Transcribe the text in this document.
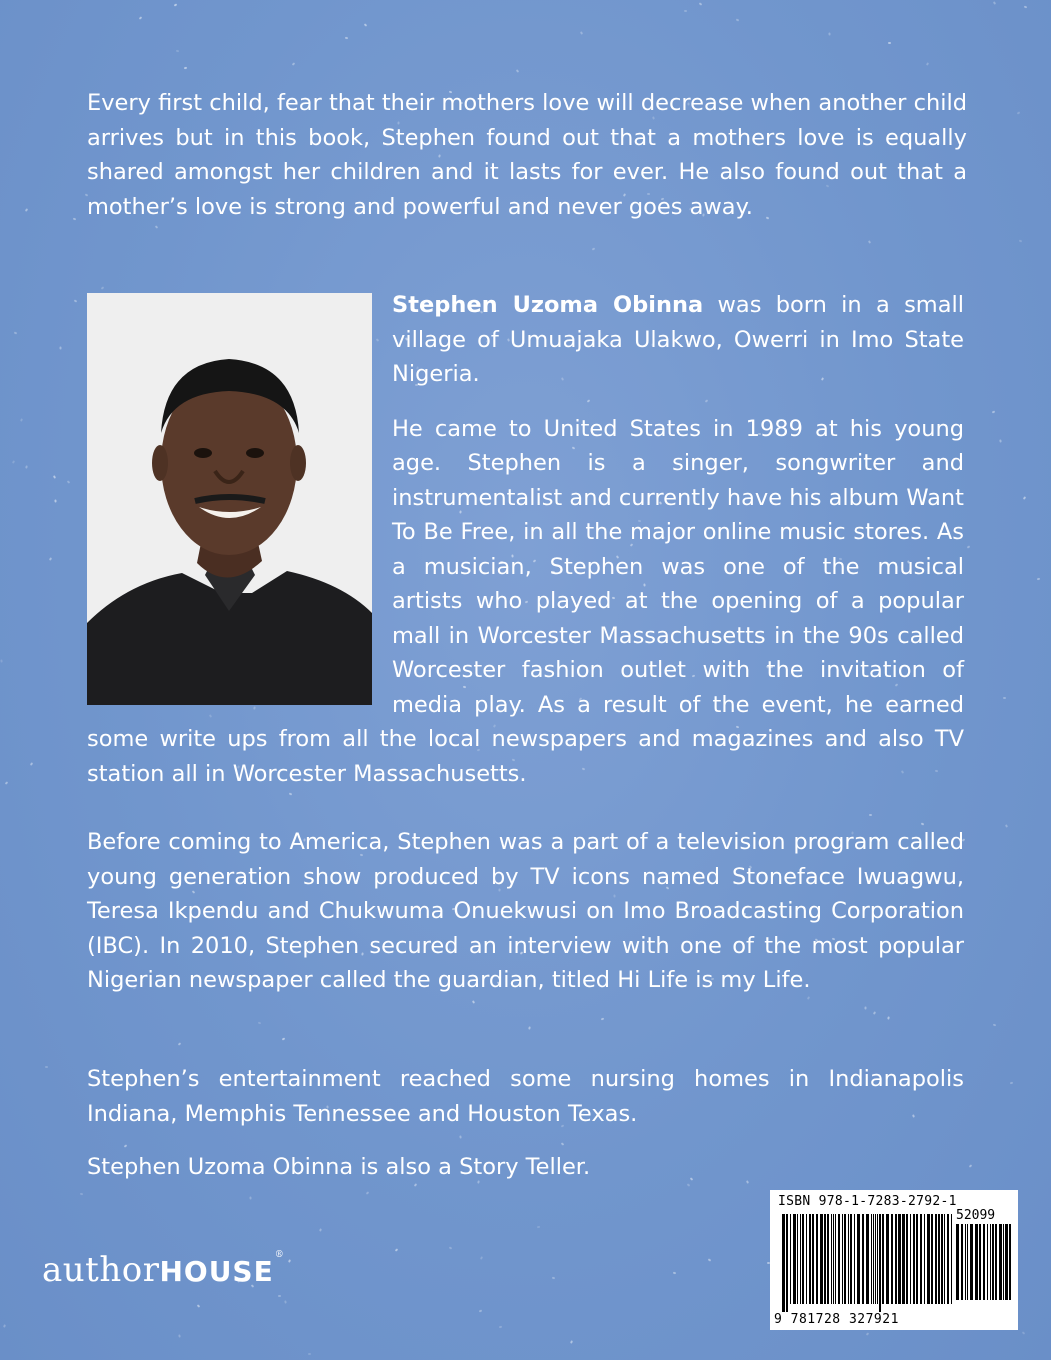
Every first child, fear that their mothers love will decrease when another child arrives but in this book, Stephen found out that a mothers love is equally shared amongst her children and it lasts for ever. He also found out that a mother’s love is strong and powerful and never goes away.

Stephen Uzoma Obinna was born in a small village of Umuajaka Ulakwo, Owerri in Imo State Nigeria.

He came to United States in 1989 at his young age. Stephen is a singer, songwriter and instrumentalist and currently have his album Want To Be Free, in all the major online music stores. As a musician, Stephen was one of the musical artists who played at the opening of a popular mall in Worcester Massachusetts in the 90s called Worcester fashion outlet with the invitation of media play. As a result of the event, he earned some write ups from all the local newspapers and magazines and also TV station all in Worcester Massachusetts.

Before coming to America, Stephen was a part of a television program called young generation show produced by TV icons named Stoneface Iwuagwu, Teresa Ikpendu and Chukwuma Onuekwusi on Imo Broadcasting Corporation (IBC). In 2010, Stephen secured an interview with one of the most popular Nigerian newspaper called the guardian, titled Hi Life is my Life.

Stephen’s entertainment reached some nursing homes in Indianapolis Indiana, Memphis Tennessee and Houston Texas.

Stephen Uzoma Obinna is also a Story Teller.

authorHOUSE®
ISBN 978-1-7283-2792-1
52099
9 781728 327921
